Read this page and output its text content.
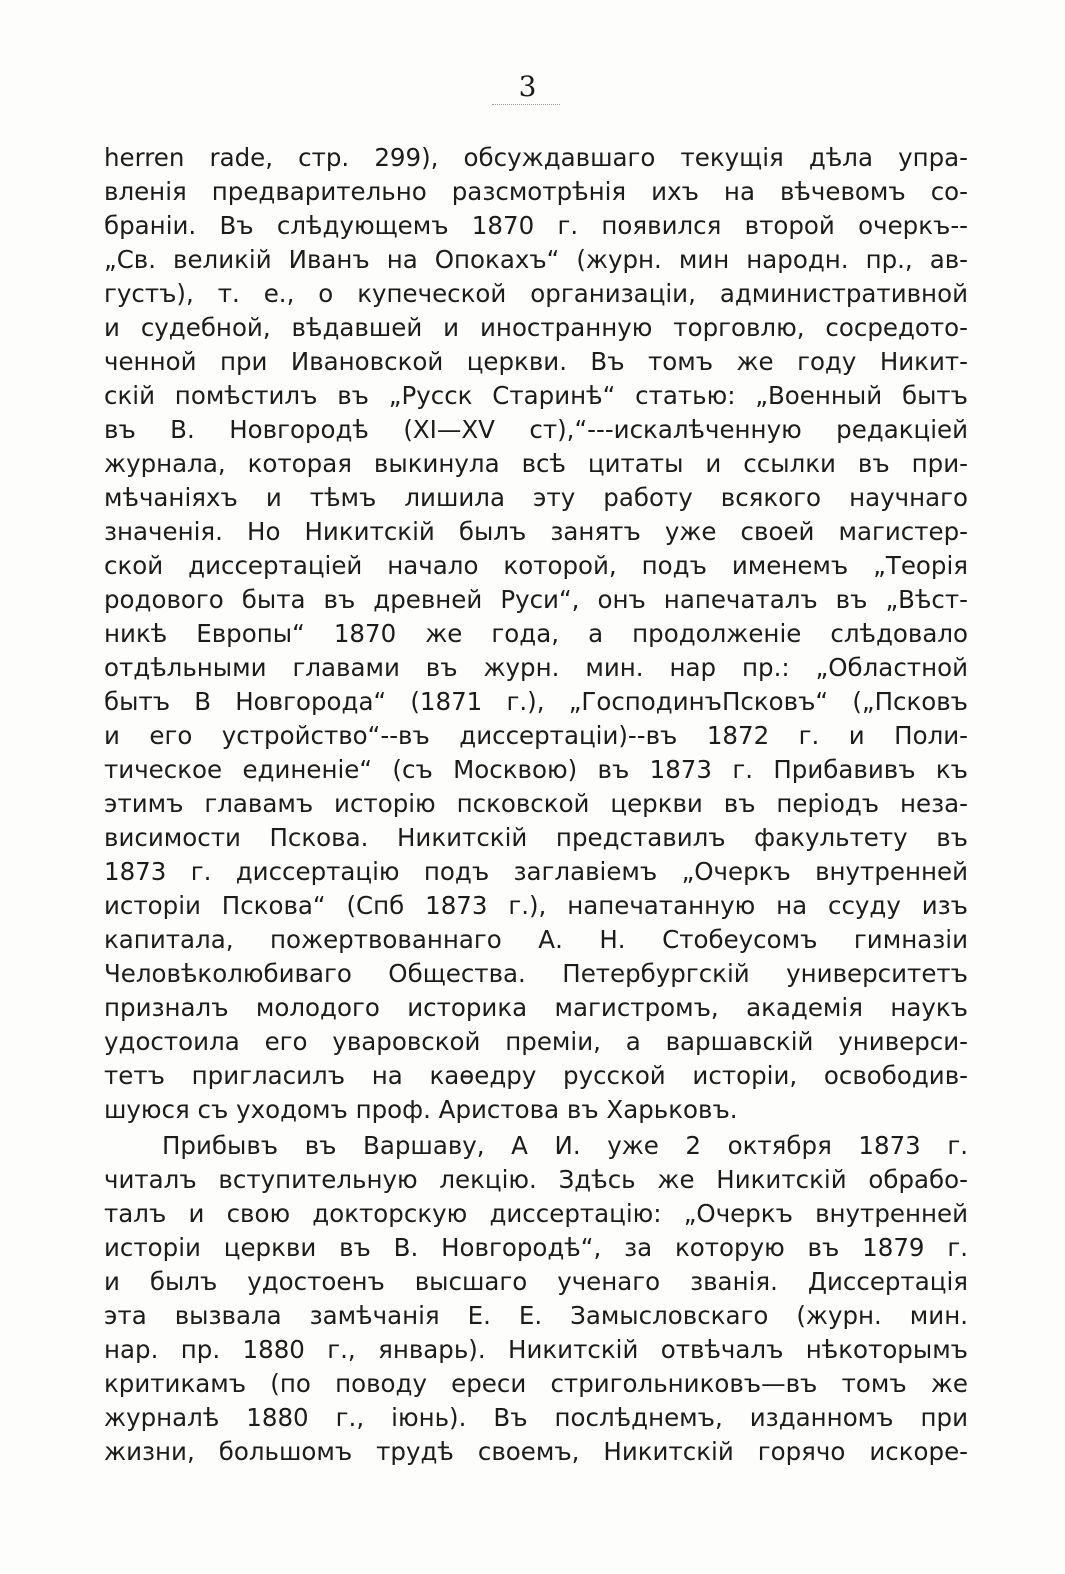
3
herren rade, стр. 299), обсуждавшаго текущія дѣла упра-
вленія предварительно разсмотрѣнія ихъ на вѣчевомъ со-
браніи. Въ слѣдующемъ 1870 г. появился второй очеркъ--
„Св. великій Иванъ на Опокахъ“ (журн. мин народн. пр., ав-
густъ), т. е., о купеческой организаціи, административной
и судебной, вѣдавшей и иностранную торговлю, сосредото-
ченной при Ивановской церкви. Въ томъ же году Никит-
скій помѣстилъ въ „Русск Старинѣ“ статью: „Военный бытъ
въ В. Новгородѣ (XI—XV ст),“---искалѣченную редакціей
журнала, которая выкинула всѣ цитаты и ссылки въ при-
мѣчаніяхъ и тѣмъ лишила эту работу всякого научнаго
значенія. Но Никитскій былъ занятъ уже своей магистер-
ской диссертаціей начало которой, подъ именемъ „Теорія
родового быта въ древней Руси“, онъ напечаталъ въ „Вѣст-
никѣ Европы“ 1870 же года, а продолженіе слѣдовало
отдѣльными главами въ журн. мин. нар пр.: „Областной
бытъ В Новгорода“ (1871 г.), „ГосподинъПсковъ“ („Псковъ
и его устройство“--въ диссертаціи)--въ 1872 г. и Поли-
тическое единеніе“ (съ Москвою) въ 1873 г. Прибавивъ къ
этимъ главамъ исторію псковской церкви въ періодъ неза-
висимости Пскова. Никитскій представилъ факультету въ
1873 г. диссертацію подъ заглавіемъ „Очеркъ внутренней
исторіи Пскова“ (Спб 1873 г.), напечатанную на ссуду изъ
капитала, пожертвованнаго А. Н. Стобеусомъ гимназіи
Человѣколюбиваго Общества. Петербургскій университетъ
призналъ молодого историка магистромъ, академія наукъ
удостоила его уваровской преміи, а варшавскій универси-
тетъ пригласилъ на каѳедру русской исторіи, освободив-
шуюся съ уходомъ проф. Аристова въ Харьковъ.
Прибывъ въ Варшаву, А И. уже 2 октября 1873 г.
читалъ вступительную лекцію. Здѣсь же Никитскій обрабо-
талъ и свою докторскую диссертацію: „Очеркъ внутренней
исторіи церкви въ В. Новгородѣ“, за которую въ 1879 г.
и былъ удостоенъ высшаго ученаго званія. Диссертація
эта вызвала замѣчанія Е. Е. Замысловскаго (журн. мин.
нар. пр. 1880 г., январь). Никитскій отвѣчалъ нѣкоторымъ
критикамъ (по поводу ереси стригольниковъ—въ томъ же
журналѣ 1880 г., іюнь). Въ послѣднемъ, изданномъ при
жизни, большомъ трудѣ своемъ, Никитскій горячо искоре-
